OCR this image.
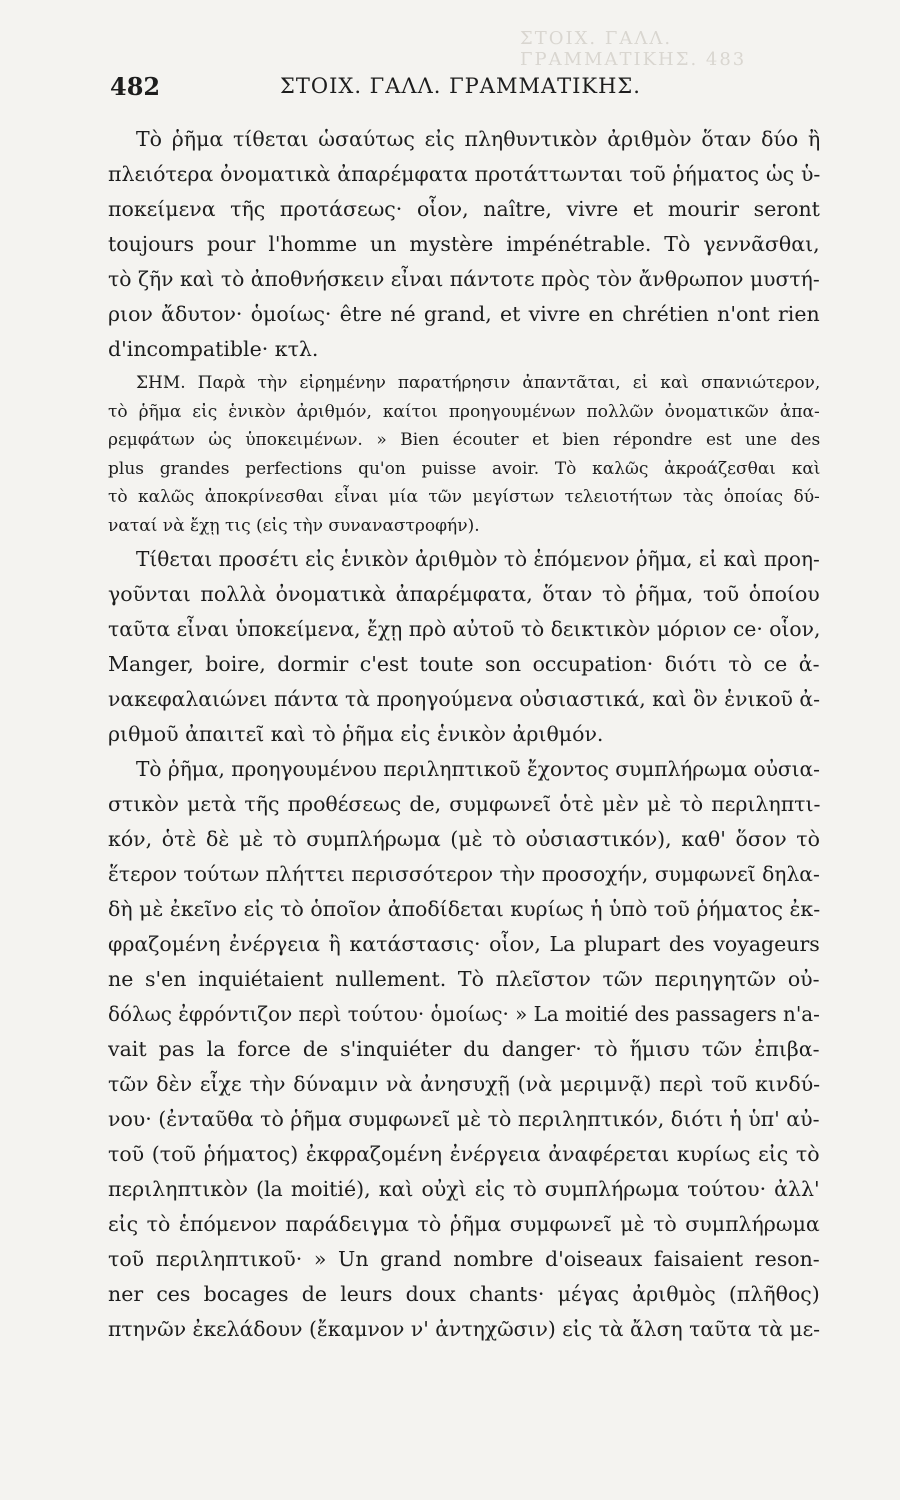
ΣΤΟΙΧ. ΓΑΛΛ. ΓΡΑΜΜΑΤΙΚΗΣ. 483
482	ΣΤΟΙΧ. ΓΑΛΛ. ΓΡΑΜΜΑΤΙΚΗΣ.
Τὸ ῥῆμα τίθεται ὡσαύτως εἰς πληθυντικὸν ἀριθμὸν ὅταν δύο ἢ
πλειότερα ὀνοματικὰ ἀπαρέμφατα προτάττωνται τοῦ ῥήματος ὡς ὑ-
ποκείμενα τῆς προτάσεως· οἷον, naître, vivre et mourir seront
toujours pour l'homme un mystère impénétrable. Τὸ γεννᾶσθαι,
τὸ ζῆν καὶ τὸ ἀποθνήσκειν εἶναι πάντοτε πρὸς τὸν ἄνθρωπον μυστή-
ριον ἄδυτον· ὁμοίως· être né grand, et vivre en chrétien n'ont rien
d'incompatible· κτλ.
ΣΗΜ. Παρὰ τὴν εἰρημένην παρατήρησιν ἀπαντᾶται, εἰ καὶ σπανιώτερον,
τὸ ῥῆμα εἰς ἑνικὸν ἀριθμόν, καίτοι προηγουμένων πολλῶν ὀνοματικῶν ἀπα-
ρεμφάτων ὡς ὑποκειμένων. » Bien écouter et bien répondre est une des
plus grandes perfections qu'on puisse avoir. Τὸ καλῶς ἀκροάζεσθαι καὶ
τὸ καλῶς ἀποκρίνεσθαι εἶναι μία τῶν μεγίστων τελειοτήτων τὰς ὁποίας δύ-
ναταί νὰ ἔχῃ τις (εἰς τὴν συναναστροφήν).
Τίθεται προσέτι εἰς ἑνικὸν ἀριθμὸν τὸ ἑπόμενον ῥῆμα, εἰ καὶ προη-
γοῦνται πολλὰ ὀνοματικὰ ἀπαρέμφατα, ὅταν τὸ ῥῆμα, τοῦ ὁποίου
ταῦτα εἶναι ὑποκείμενα, ἔχῃ πρὸ αὐτοῦ τὸ δεικτικὸν μόριον ce· οἷον,
Manger, boire, dormir c'est toute son occupation· διότι τὸ ce ἀ-
νακεφαλαιώνει πάντα τὰ προηγούμενα οὐσιαστικά, καὶ ὃν ἑνικοῦ ἀ-
ριθμοῦ ἀπαιτεῖ καὶ τὸ ῥῆμα εἰς ἑνικὸν ἀριθμόν.
Τὸ ῥῆμα, προηγουμένου περιληπτικοῦ ἔχοντος συμπλήρωμα οὐσια-
στικὸν μετὰ τῆς προθέσεως de, συμφωνεῖ ὁτὲ μὲν μὲ τὸ περιληπτι-
κόν, ὁτὲ δὲ μὲ τὸ συμπλήρωμα (μὲ τὸ οὐσιαστικόν), καθ' ὅσον τὸ
ἕτερον τούτων πλήττει περισσότερον τὴν προσοχήν, συμφωνεῖ δηλα-
δὴ μὲ ἐκεῖνο εἰς τὸ ὁποῖον ἀποδίδεται κυρίως ἡ ὑπὸ τοῦ ῥήματος ἐκ-
φραζομένη ἐνέργεια ἢ κατάστασις· οἷον, La plupart des voyageurs
ne s'en inquiétaient nullement. Τὸ πλεῖστον τῶν περιηγητῶν οὐ-
δόλως ἐφρόντιζον περὶ τούτου· ὁμοίως· » La moitié des passagers n'a-
vait pas la force de s'inquiéter du danger· τὸ ἥμισυ τῶν ἐπιβα-
τῶν δὲν εἶχε τὴν δύναμιν νὰ ἀνησυχῇ (νὰ μεριμνᾷ) περὶ τοῦ κινδύ-
νου· (ἐνταῦθα τὸ ῥῆμα συμφωνεῖ μὲ τὸ περιληπτικόν, διότι ἡ ὑπ' αὐ-
τοῦ (τοῦ ῥήματος) ἐκφραζομένη ἐνέργεια ἀναφέρεται κυρίως εἰς τὸ
περιληπτικὸν (la moitié), καὶ οὐχὶ εἰς τὸ συμπλήρωμα τούτου· ἀλλ'
εἰς τὸ ἑπόμενον παράδειγμα τὸ ῥῆμα συμφωνεῖ μὲ τὸ συμπλήρωμα
τοῦ περιληπτικοῦ· » Un grand nombre d'oiseaux faisaient reson-
ner ces bocages de leurs doux chants· μέγας ἀριθμὸς (πλῆθος)
πτηνῶν ἐκελάδουν (ἔκαμνον ν' ἀντηχῶσιν) εἰς τὰ ἄλση ταῦτα τὰ με-
